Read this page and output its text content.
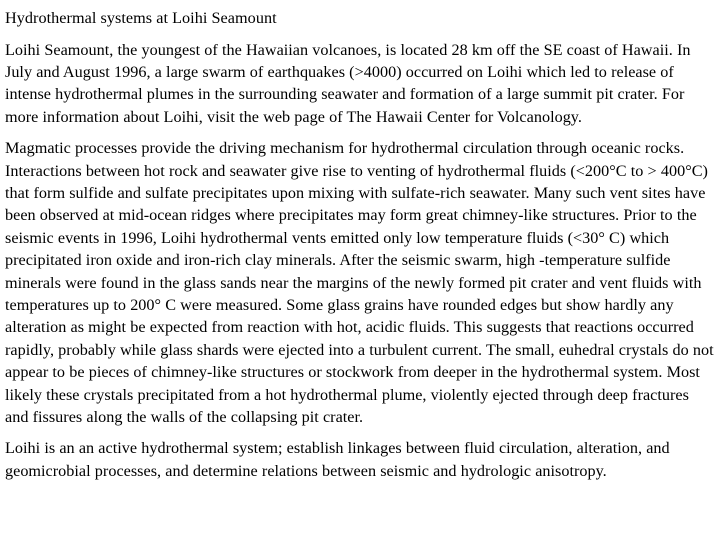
Hydrothermal systems at Loihi Seamount

Loihi Seamount, the youngest of the Hawaiian volcanoes, is located 28 km off the SE coast of Hawaii. In July and August 1996, a large swarm of earthquakes (>4000) occurred on Loihi which led to release of intense hydrothermal plumes in the surrounding seawater and formation of a large summit pit crater. For more information about Loihi, visit the web page of The Hawaii Center for Volcanology.

Magmatic processes provide the driving mechanism for hydrothermal circulation through oceanic rocks. Interactions between hot rock and seawater give rise to venting of hydrothermal fluids (<200°C to > 400°C) that form sulfide and sulfate precipitates upon mixing with sulfate-rich seawater. Many such vent sites have been observed at mid-ocean ridges where precipitates may form great chimney-like structures. Prior to the seismic events in 1996, Loihi hydrothermal vents emitted only low temperature fluids (<30° C) which precipitated iron oxide and iron-rich clay minerals. After the seismic swarm, high -temperature sulfide minerals were found in the glass sands near the margins of the newly formed pit crater and vent fluids with temperatures up to 200° C were measured. Some glass grains have rounded edges but show hardly any alteration as might be expected from reaction with hot, acidic fluids. This suggests that reactions occurred rapidly, probably while glass shards were ejected into a turbulent current. The small, euhedral crystals do not appear to be pieces of chimney-like structures or stockwork from deeper in the hydrothermal system. Most likely these crystals precipitated from a hot hydrothermal plume, violently ejected through deep fractures and fissures along the walls of the collapsing pit crater.

Loihi is an an active hydrothermal system; establish linkages between fluid circulation, alteration, and geomicrobial processes, and determine relations between seismic and hydrologic anisotropy.
